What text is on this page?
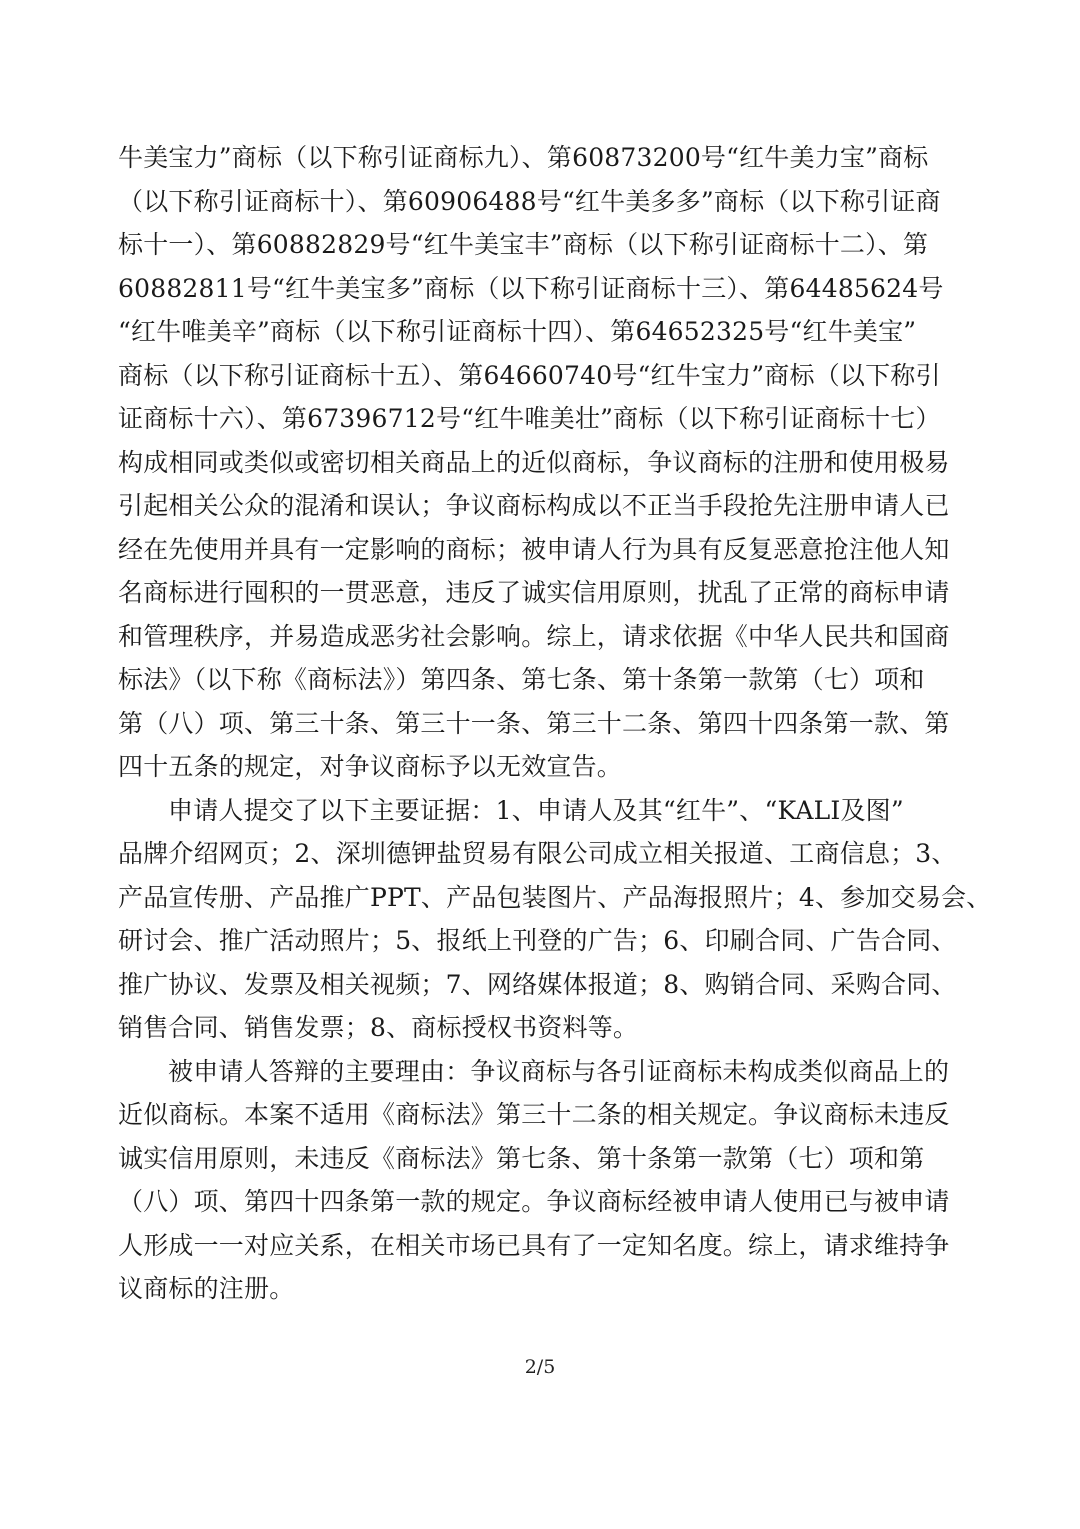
牛美宝力”商标（以下称引证商标九）、第60873200号“红牛美力宝”商标
（以下称引证商标十）、第60906488号“红牛美多多”商标（以下称引证商
标十一）、第60882829号“红牛美宝丰”商标（以下称引证商标十二）、第
60882811号“红牛美宝多”商标（以下称引证商标十三）、第64485624号
“红牛唯美辛”商标（以下称引证商标十四）、第64652325号“红牛美宝”
商标（以下称引证商标十五）、第64660740号“红牛宝力”商标（以下称引
证商标十六）、第67396712号“红牛唯美壮”商标（以下称引证商标十七）
构成相同或类似或密切相关商品上的近似商标，争议商标的注册和使用极易
引起相关公众的混淆和误认；争议商标构成以不正当手段抢先注册申请人已
经在先使用并具有一定影响的商标；被申请人行为具有反复恶意抢注他人知
名商标进行囤积的一贯恶意，违反了诚实信用原则，扰乱了正常的商标申请
和管理秩序，并易造成恶劣社会影响。综上，请求依据《中华人民共和国商
标法》（以下称《商标法》）第四条、第七条、第十条第一款第（七）项和
第（八）项、第三十条、第三十一条、第三十二条、第四十四条第一款、第
四十五条的规定，对争议商标予以无效宣告。
申请人提交了以下主要证据：1、申请人及其“红牛”、“KALI及图”
品牌介绍网页；2、深圳德钾盐贸易有限公司成立相关报道、工商信息；3、
产品宣传册、产品推广PPT、产品包装图片、产品海报照片；4、参加交易会、
研讨会、推广活动照片；5、报纸上刊登的广告；6、印刷合同、广告合同、
推广协议、发票及相关视频；7、网络媒体报道；8、购销合同、采购合同、
销售合同、销售发票；8、商标授权书资料等。
被申请人答辩的主要理由：争议商标与各引证商标未构成类似商品上的
近似商标。本案不适用《商标法》第三十二条的相关规定。争议商标未违反
诚实信用原则，未违反《商标法》第七条、第十条第一款第（七）项和第
（八）项、第四十四条第一款的规定。争议商标经被申请人使用已与被申请
人形成一一对应关系，在相关市场已具有了一定知名度。综上，请求维持争
议商标的注册。
2/5
